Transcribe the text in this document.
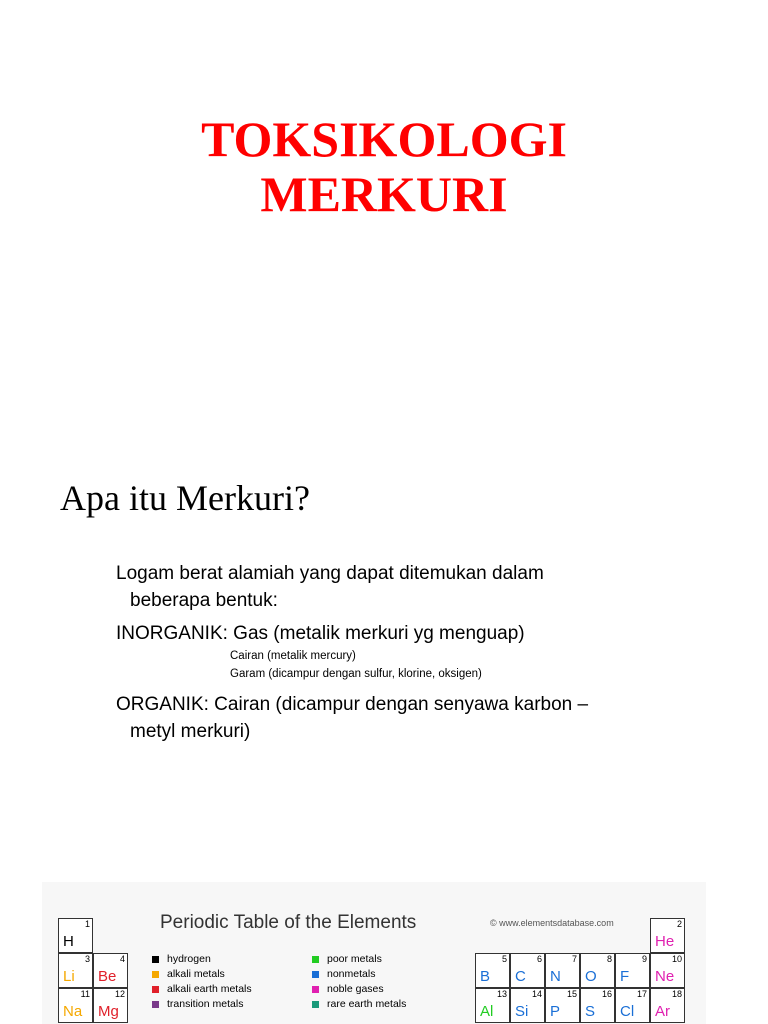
TOKSIKOLOGI
MERKURI
Apa itu Merkuri?

Logam berat alamiah yang dapat ditemukan dalam
beberapa bentuk:

INORGANIK: Gas (metalik merkuri yg menguap)

Cairan (metalik mercury)

Garam (dicampur dengan sulfur, klorine, oksigen)

ORGANIK: Cairan (dicampur dengan senyawa karbon –
metyl merkuri)

Periodic Table of the Elements	© www.elementsdatabase.com
hydrogen
alkali metals
alkali earth metals
transition metals
poor metals
nonmetals
noble gases
rare earth metals
1
H
3
Li
4
Be
11
Na
12
Mg
2
He
5
B
6
C
7
N
8
O
9
F
10
Ne
13
Al
14
Si
15
P
16
S
17
Cl
18
Ar
